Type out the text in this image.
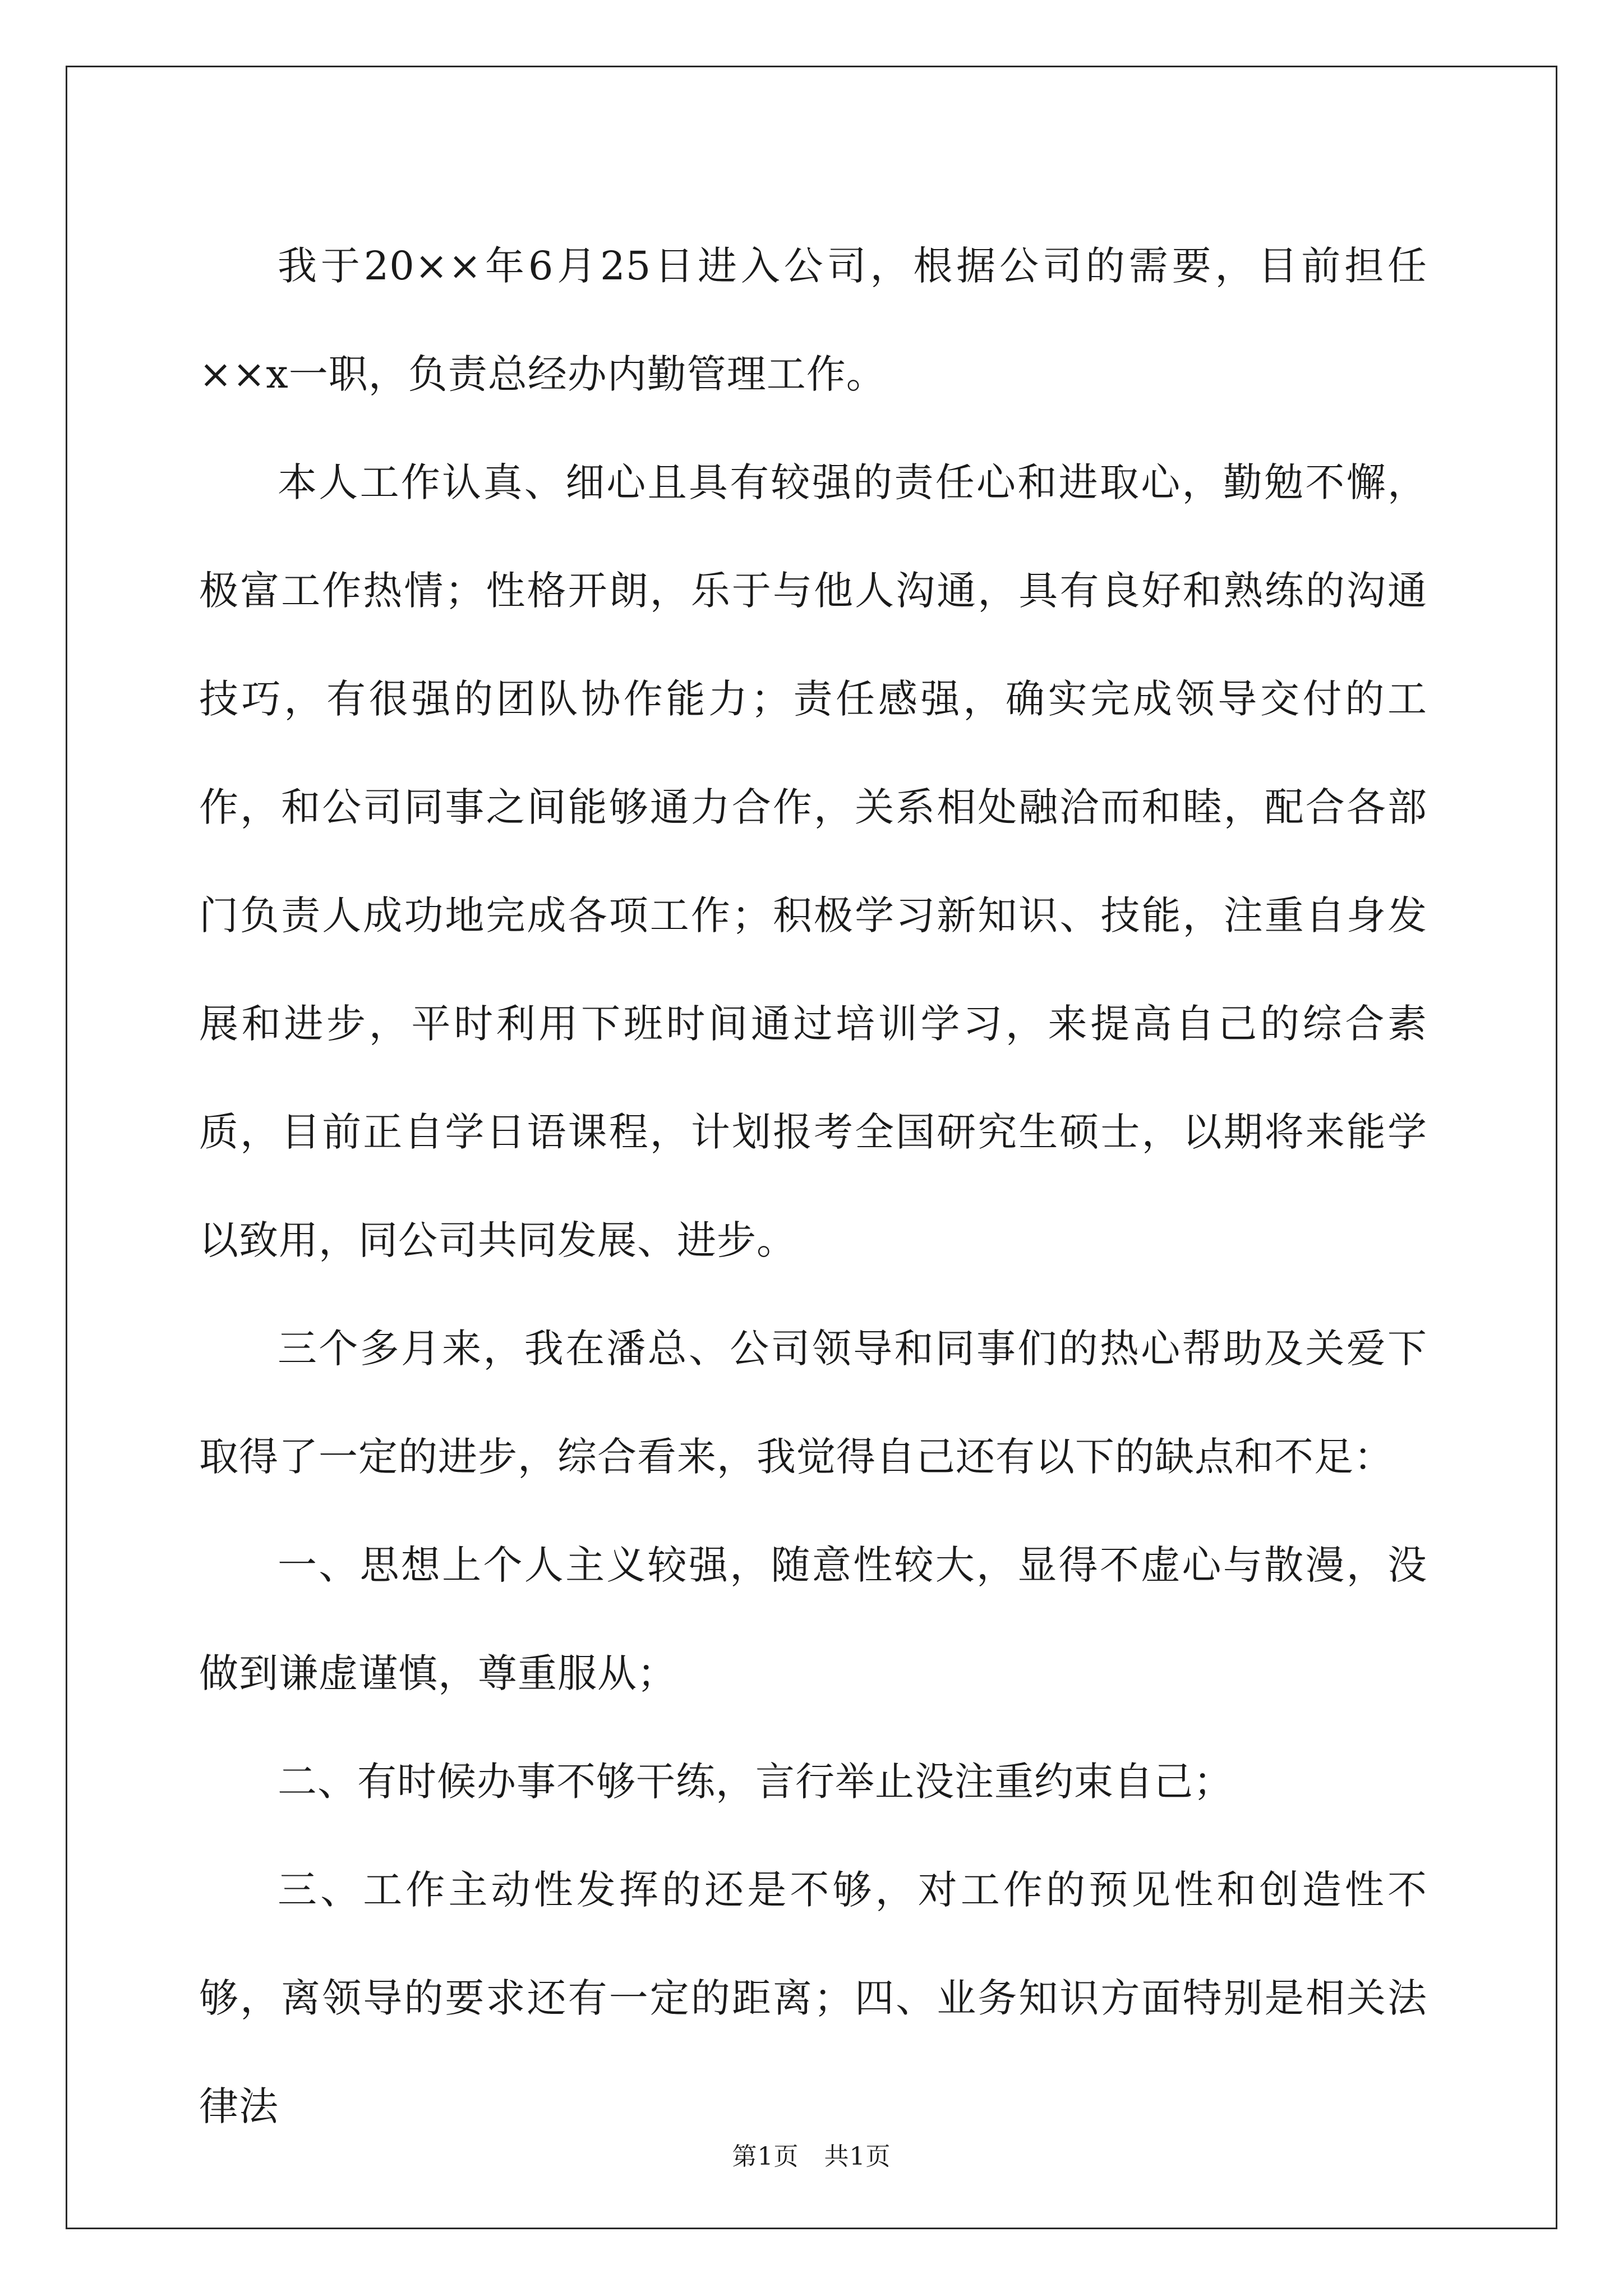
我于20××年6月25日进入公司，根据公司的需要，目前担任××x一职，负责总经办内勤管理工作。

本人工作认真、细心且具有较强的责任心和进取心，勤勉不懈，极富工作热情；性格开朗，乐于与他人沟通，具有良好和熟练的沟通技巧，有很强的团队协作能力；责任感强，确实完成领导交付的工作，和公司同事之间能够通力合作，关系相处融洽而和睦，配合各部门负责人成功地完成各项工作；积极学习新知识、技能，注重自身发展和进步，平时利用下班时间通过培训学习，来提高自己的综合素质，目前正自学日语课程，计划报考全国研究生硕士，以期将来能学以致用，同公司共同发展、进步。

三个多月来，我在潘总、公司领导和同事们的热心帮助及关爱下取得了一定的进步，综合看来，我觉得自己还有以下的缺点和不足：

一、思想上个人主义较强，随意性较大，显得不虚心与散漫，没做到谦虚谨慎，尊重服从；

二、有时候办事不够干练，言行举止没注重约束自己；

三、工作主动性发挥的还是不够，对工作的预见性和创造性不够，离领导的要求还有一定的距离；四、业务知识方面特别是相关法律法

第1页 共1页
